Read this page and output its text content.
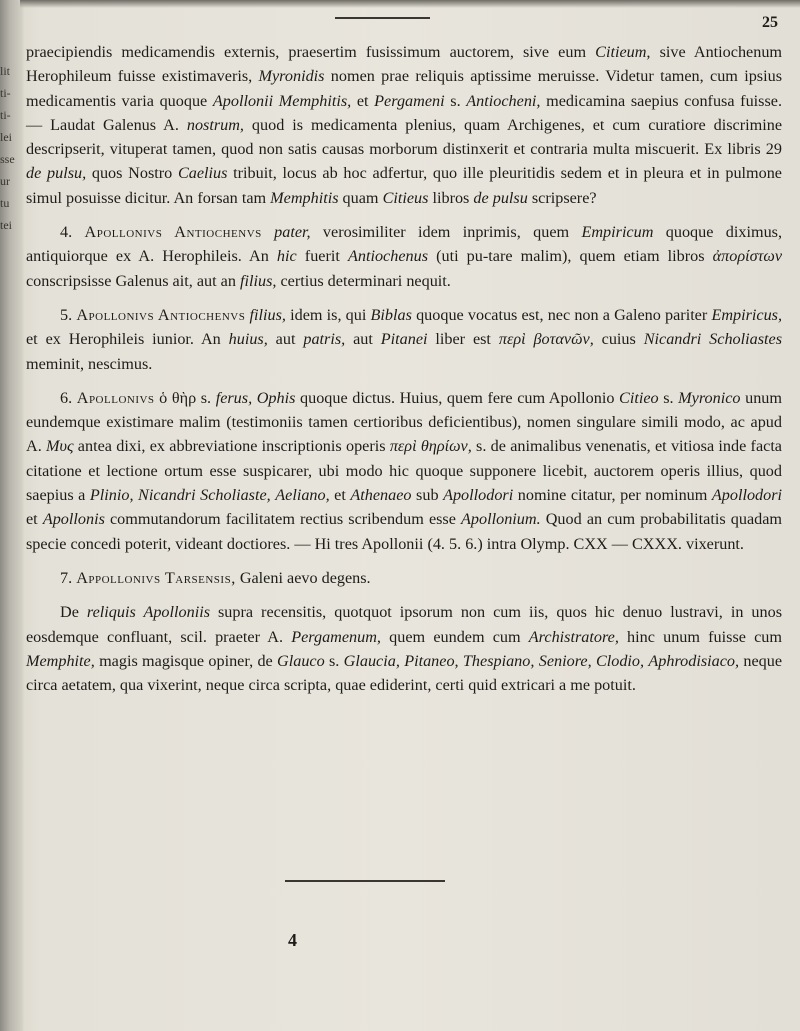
lit
ti-
ti-
lei
sse
ur
tu
tei
25

praecipiendis medicamendis externis, praesertim fusissimum auctorem, sive eum Citieum, sive Antiochenum Herophileum fuisse existimaveris, Myronidis nomen prae reliquis aptissime meruisse. Videtur tamen, cum ipsius medicamentis varia quoque Apollonii Memphitis, et Pergameni s. Antiocheni, medicamina saepius confusa fuisse. — Laudat Galenus A. nostrum, quod is medicamenta plenius, quam Archigenes, et cum curatiore discrimine descripserit, vituperat tamen, quod non satis causas morborum distinxerit et contraria multa miscuerit. Ex libris 29 de pulsu, quos Nostro Caelius tribuit, locus ab hoc adfertur, quo ille pleuritidis sedem et in pleura et in pulmone simul posuisse dicitur. An forsan tam Memphitis quam Citieus libros de pulsu scripsere?

4. Apollonivs Antiochenvs pater, verosimiliter idem inprimis, quem Empiricum quoque diximus, antiquiorque ex A. Herophileis. An hic fuerit Antiochenus (uti pu-tare malim), quem etiam libros ἀπορίστων conscripsisse Galenus ait, aut an filius, certius determinari nequit.

5. Apollonivs Antiochenvs filius, idem is, qui Biblas quoque vocatus est, nec non a Galeno pariter Empiricus, et ex Herophileis iunior. An huius, aut patris, aut Pitanei liber est περὶ βοτανῶν, cuius Nicandri Scholiastes meminit, nescimus.

6. Apollonivs ὁ θὴρ s. ferus, Ophis quoque dictus. Huius, quem fere cum Apollonio Citieo s. Myronico unum eundemque existimare malim (testimoniis tamen certioribus deficientibus), nomen singulare simili modo, ac apud A. Μυς antea dixi, ex abbreviatione inscriptionis operis περὶ θηρίων, s. de animalibus venenatis, et vitiosa inde facta citatione et lectione ortum esse suspicarer, ubi modo hic quoque supponere licebit, auctorem operis illius, quod saepius a Plinio, Nicandri Scholiaste, Aeliano, et Athenaeo sub Apollodori nomine citatur, per nominum Apollodori et Apollonis commutandorum facilitatem rectius scribendum esse Apollonium. Quod an cum probabilitatis quadam specie concedi poterit, videant doctiores. — Hi tres Apollonii (4. 5. 6.) intra Olymp. CXX — CXXX. vixerunt.

7. Appollonivs Tarsensis, Galeni aevo degens.

De reliquis Apolloniis supra recensitis, quotquot ipsorum non cum iis, quos hic denuo lustravi, in unos eosdemque confluant, scil. praeter A. Pergamenum, quem eundem cum Archistratore, hinc unum fuisse cum Memphite, magis magisque opiner, de Glauco s. Glaucia, Pitaneo, Thespiano, Seniore, Clodio, Aphrodisiaco, neque circa aetatem, qua vixerint, neque circa scripta, quae ediderint, certi quid extricari a me potuit.

4
